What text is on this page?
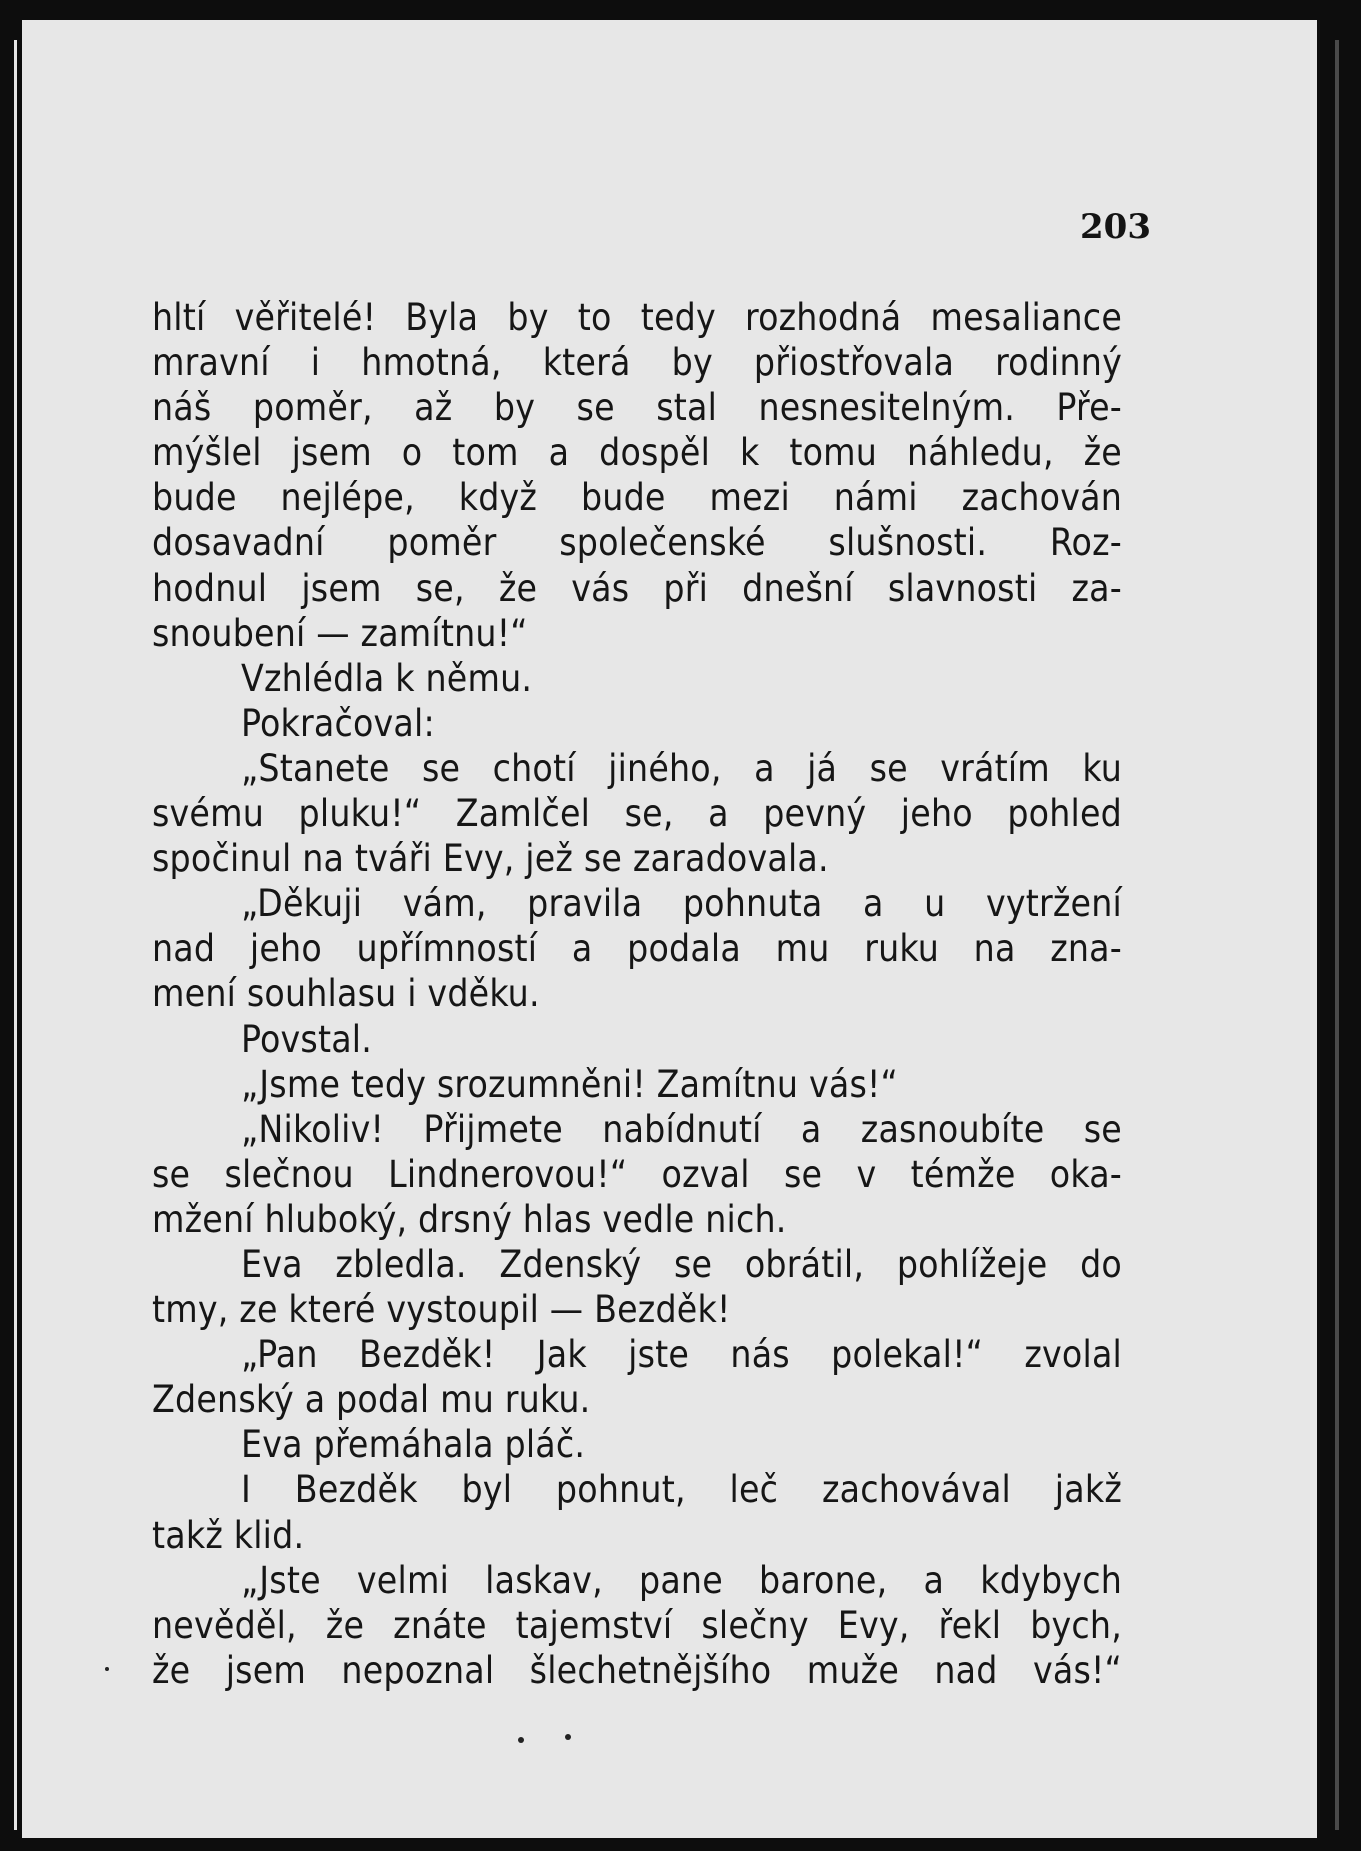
203
hltí věřitelé! Byla by to tedy rozhodná mesaliance
mravní i hmotná, která by přiostřovala rodinný
náš poměr, až by se stal nesnesitelným. Pře-
mýšlel jsem o tom a dospěl k tomu náhledu, že
bude nejlépe, když bude mezi námi zachován
dosavadní poměr společenské slušnosti. Roz-
hodnul jsem se, že vás při dnešní slavnosti za-
snoubení — zamítnu!“
Vzhlédla k němu.
Pokračoval:
„Stanete se chotí jiného, a já se vrátím ku
svému pluku!“ Zamlčel se, a pevný jeho pohled
spočinul na tváři Evy, jež se zaradovala.
„Děkuji vám, pravila pohnuta a u vytržení
nad jeho upřímností a podala mu ruku na zna-
mení souhlasu i vděku.
Povstal.
„Jsme tedy srozumněni! Zamítnu vás!“
„Nikoliv! Přijmete nabídnutí a zasnoubíte se
se slečnou Lindnerovou!“ ozval se v témže oka-
mžení hluboký, drsný hlas vedle nich.
Eva zbledla. Zdenský se obrátil, pohlížeje do
tmy, ze které vystoupil — Bezděk!
„Pan Bezděk! Jak jste nás polekal!“ zvolal
Zdenský a podal mu ruku.
Eva přemáhala pláč.
I Bezděk byl pohnut, leč zachovával jakž
takž klid.
„Jste velmi laskav, pane barone, a kdybych
nevěděl, že znáte tajemství slečny Evy, řekl bych,
že jsem nepoznal šlechetnějšího muže nad vás!“
